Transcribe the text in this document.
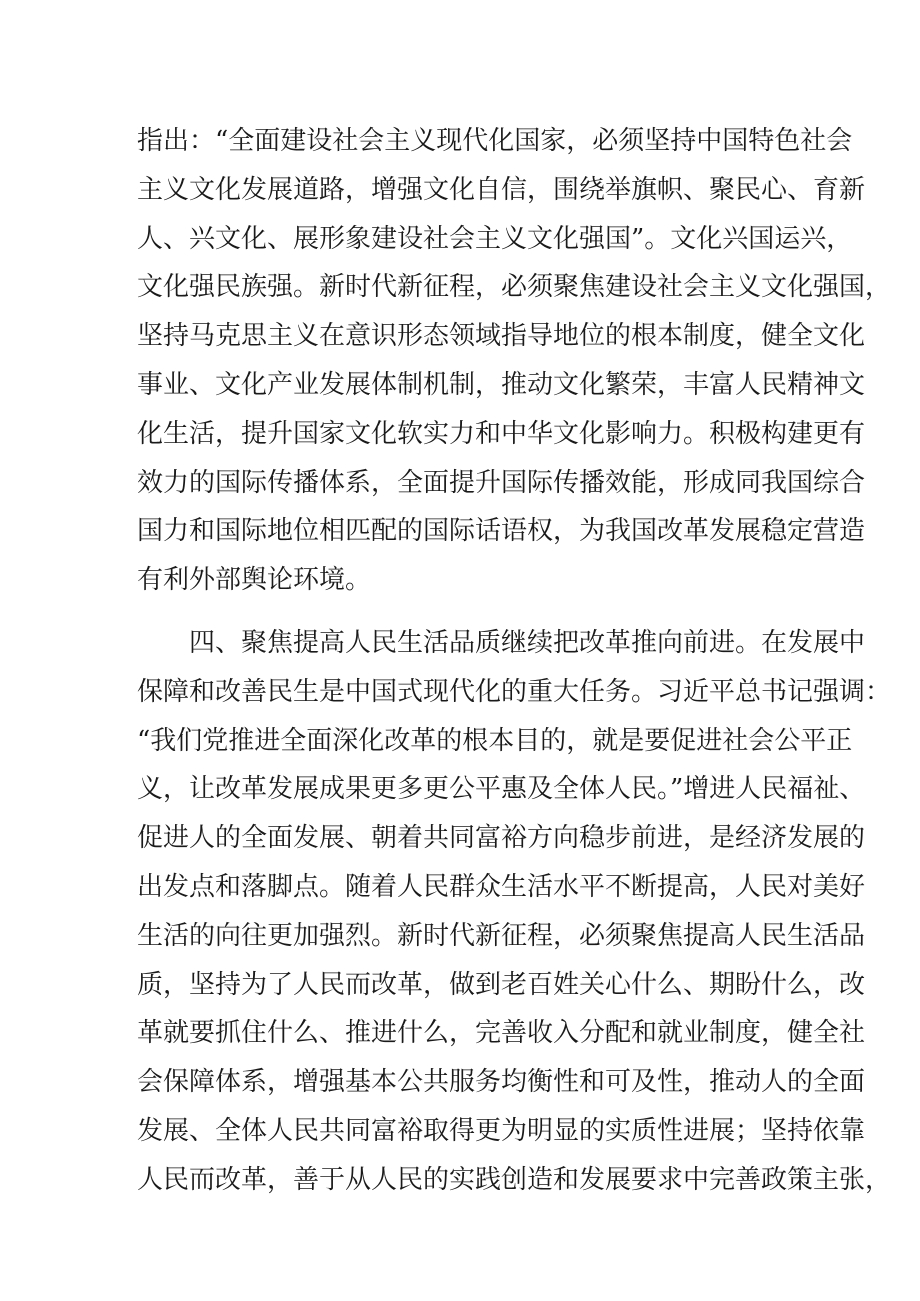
指出：“全面建设社会主义现代化国家，必须坚持中国特色社会
主义文化发展道路，增强文化自信，围绕举旗帜、聚民心、育新
人、兴文化、展形象建设社会主义文化强国”。文化兴国运兴，
文化强民族强。新时代新征程，必须聚焦建设社会主义文化强国，
坚持马克思主义在意识形态领域指导地位的根本制度，健全文化
事业、文化产业发展体制机制，推动文化繁荣，丰富人民精神文
化生活，提升国家文化软实力和中华文化影响力。积极构建更有
效力的国际传播体系，全面提升国际传播效能，形成同我国综合
国力和国际地位相匹配的国际话语权，为我国改革发展稳定营造
有利外部舆论环境。
四、聚焦提高人民生活品质继续把改革推向前进。在发展中
保障和改善民生是中国式现代化的重大任务。习近平总书记强调：
“我们党推进全面深化改革的根本目的，就是要促进社会公平正
义，让改革发展成果更多更公平惠及全体人民。”增进人民福祉、
促进人的全面发展、朝着共同富裕方向稳步前进，是经济发展的
出发点和落脚点。随着人民群众生活水平不断提高，人民对美好
生活的向往更加强烈。新时代新征程，必须聚焦提高人民生活品
质，坚持为了人民而改革，做到老百姓关心什么、期盼什么，改
革就要抓住什么、推进什么，完善收入分配和就业制度，健全社
会保障体系，增强基本公共服务均衡性和可及性，推动人的全面
发展、全体人民共同富裕取得更为明显的实质性进展；坚持依靠
人民而改革，善于从人民的实践创造和发展要求中完善政策主张，
